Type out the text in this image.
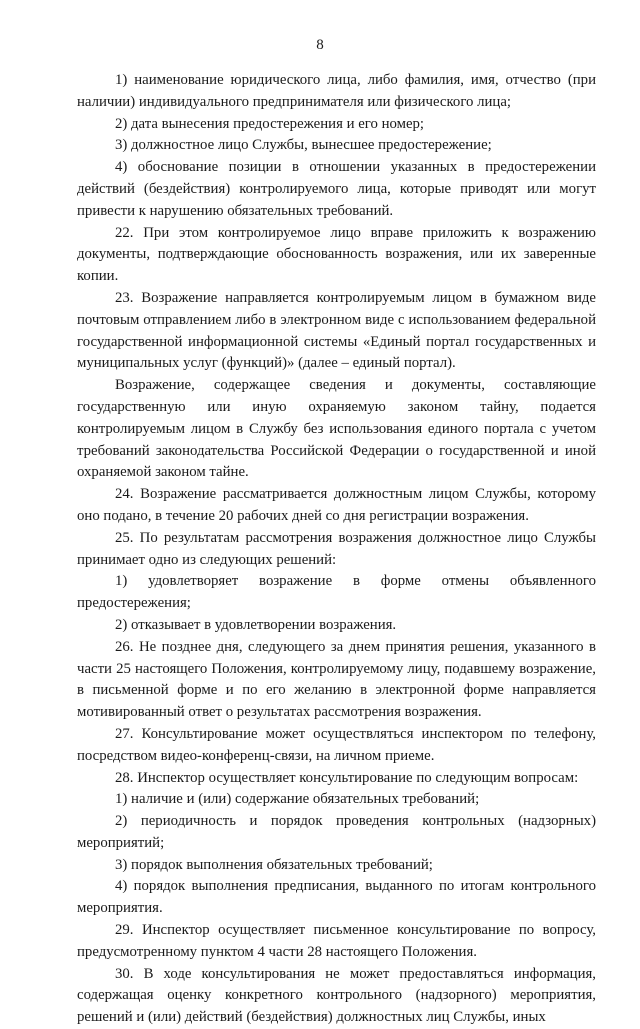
8

1) наименование юридического лица, либо фамилия, имя, отчество (при наличии) индивидуального предпринимателя или физического лица;

2) дата вынесения предостережения и его номер;

3) должностное лицо Службы, вынесшее предостережение;

4) обоснование позиции в отношении указанных в предостережении действий (бездействия) контролируемого лица, которые приводят или могут привести к нарушению обязательных требований.

22. При этом контролируемое лицо вправе приложить к возражению документы, подтверждающие обоснованность возражения, или их заверенные копии.

23. Возражение направляется контролируемым лицом в бумажном виде почтовым отправлением либо в электронном виде с использованием федеральной государственной информационной системы «Единый портал государственных и муниципальных услуг (функций)» (далее – единый портал).

Возражение, содержащее сведения и документы, составляющие государственную или иную охраняемую законом тайну, подается контролируемым лицом в Службу без использования единого портала с учетом требований законодательства Российской Федерации о государственной и иной охраняемой законом тайне.

24. Возражение рассматривается должностным лицом Службы, которому оно подано, в течение 20 рабочих дней со дня регистрации возражения.

25. По результатам рассмотрения возражения должностное лицо Службы принимает одно из следующих решений:

1) удовлетворяет возражение в форме отмены объявленного предостережения;

2) отказывает в удовлетворении возражения.

26. Не позднее дня, следующего за днем принятия решения, указанного в части 25 настоящего Положения, контролируемому лицу, подавшему возражение, в письменной форме и по его желанию в электронной форме направляется мотивированный ответ о результатах рассмотрения возражения.

27. Консультирование может осуществляться инспектором по телефону, посредством видео-конференц-связи, на личном приеме.

28. Инспектор осуществляет консультирование по следующим вопросам:

1) наличие и (или) содержание обязательных требований;

2) периодичность и порядок проведения контрольных (надзорных) мероприятий;

3) порядок выполнения обязательных требований;

4) порядок выполнения предписания, выданного по итогам контрольного мероприятия.

29. Инспектор осуществляет письменное консультирование по вопросу, предусмотренному пунктом 4 части 28 настоящего Положения.

30. В ходе консультирования не может предоставляться информация, содержащая оценку конкретного контрольного (надзорного) мероприятия, решений и (или) действий (бездействия) должностных лиц Службы, иных
